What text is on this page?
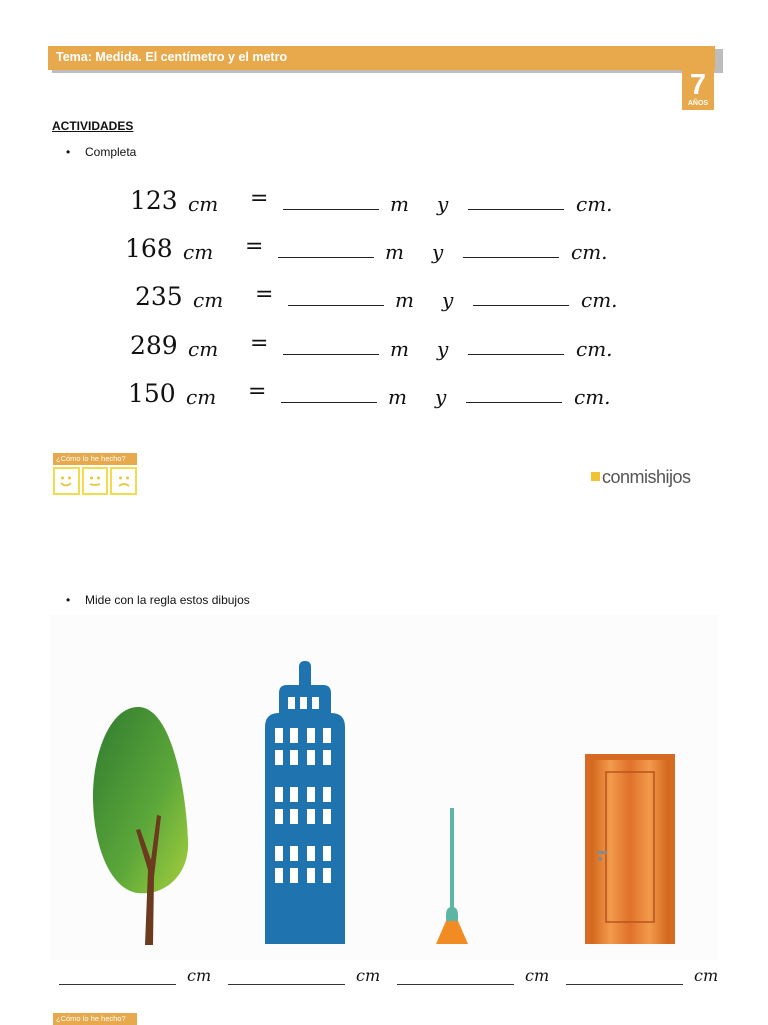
Tema: Medida. El centímetro y el metro
7
AÑOS
ACTIVIDADES
• Completa
123 cm =	m y	cm.
168 cm =	m y	cm.
235 cm =	m y	cm.
289 cm =	m y	cm.
150 cm =	m y	cm.
¿Cómo lo he hecho?
conmishijos
• Mide con la regla estos dibujos
cm	cm	cm	cm
¿Cómo lo he hecho?
